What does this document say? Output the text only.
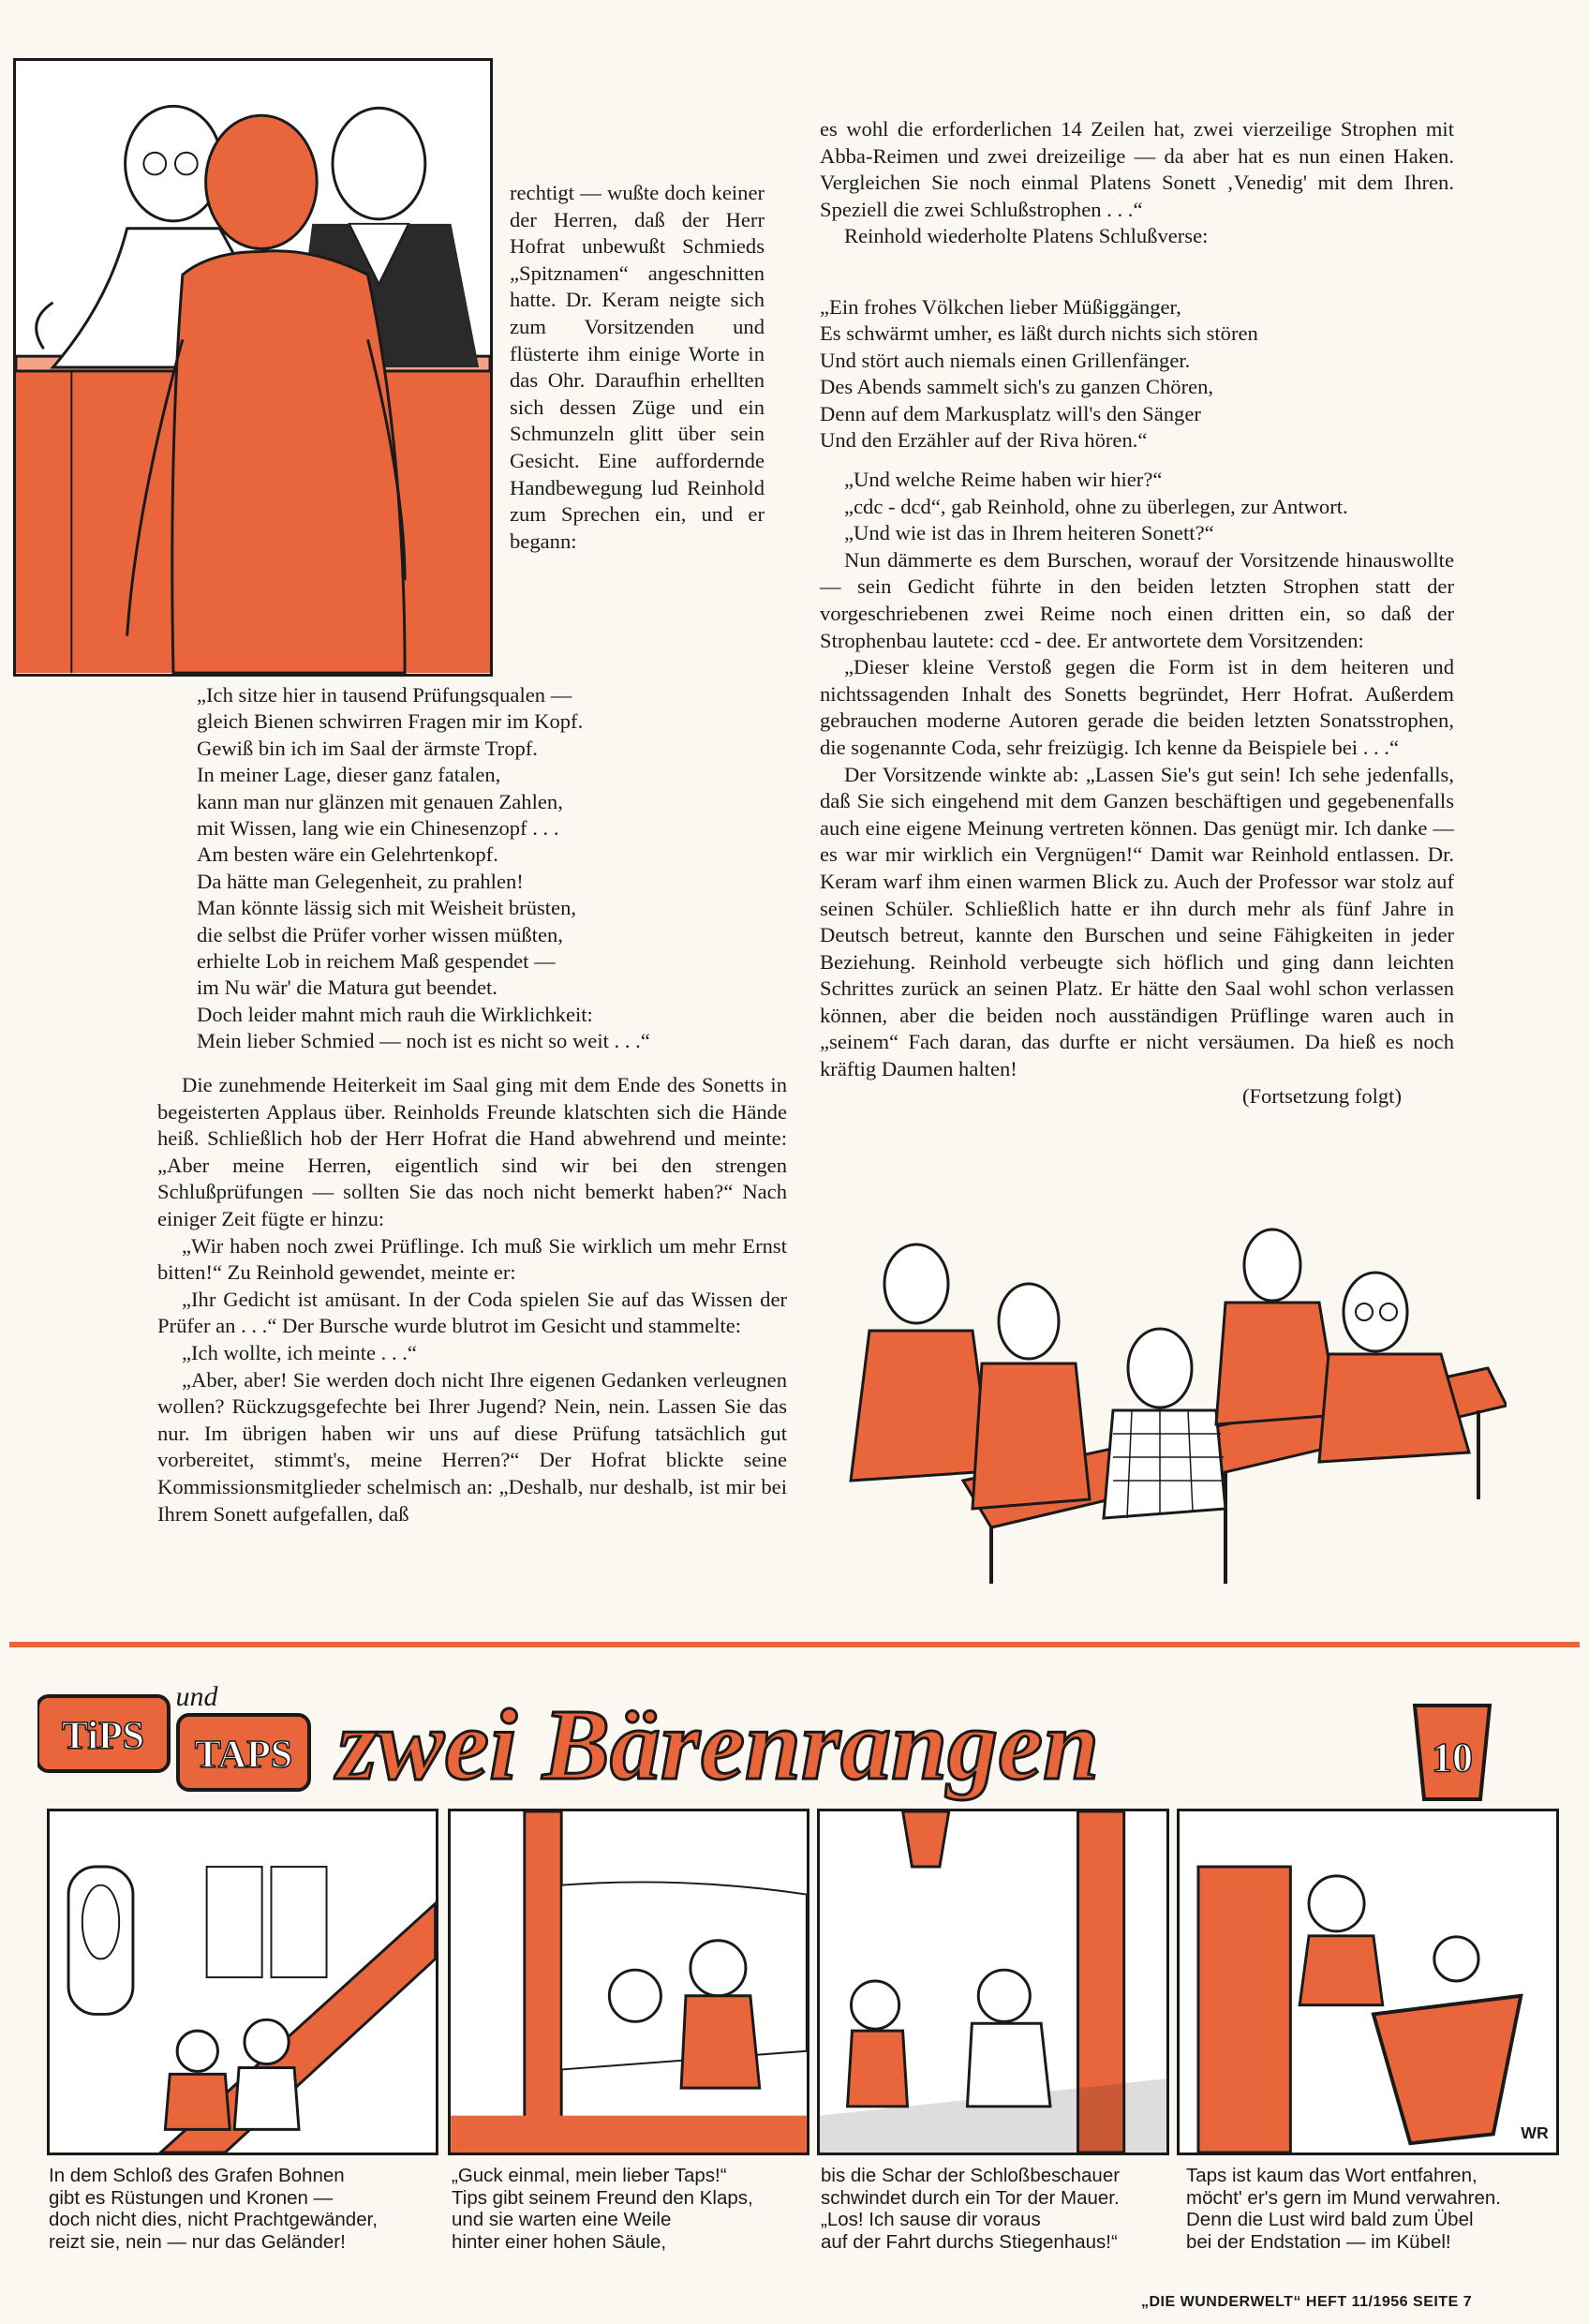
rechtigt — wußte doch keiner der Herren, daß der Herr Hofrat unbewußt Schmieds „Spitznamen“ angeschnitten hatte. Dr. Keram neigte sich zum Vorsitzenden und flüsterte ihm einige Worte in das Ohr. Daraufhin erhellten sich dessen Züge und ein Schmunzeln glitt über sein Gesicht. Eine auffordernde Handbewegung lud Reinhold zum Sprechen ein, und er begann:

„Ich sitze hier in tausend Prüfungsqualen —
gleich Bienen schwirren Fragen mir im Kopf.
Gewiß bin ich im Saal der ärmste Tropf.
In meiner Lage, dieser ganz fatalen,
kann man nur glänzen mit genauen Zahlen,
mit Wissen, lang wie ein Chinesenzopf . . .
Am besten wäre ein Gelehrtenkopf.
Da hätte man Gelegenheit, zu prahlen!
Man könnte lässig sich mit Weisheit brüsten,
die selbst die Prüfer vorher wissen müßten,
erhielte Lob in reichem Maß gespendet —
im Nu wär' die Matura gut beendet.
Doch leider mahnt mich rauh die Wirklichkeit:
Mein lieber Schmied — noch ist es nicht so weit . . .“

Die zunehmende Heiterkeit im Saal ging mit dem Ende des Sonetts in begeisterten Applaus über. Reinholds Freunde klatschten sich die Hände heiß. Schließlich hob der Herr Hofrat die Hand abwehrend und meinte: „Aber meine Herren, eigentlich sind wir bei den strengen Schlußprüfungen — sollten Sie das noch nicht bemerkt haben?“ Nach einiger Zeit fügte er hinzu:

„Wir haben noch zwei Prüflinge. Ich muß Sie wirklich um mehr Ernst bitten!“ Zu Reinhold gewendet, meinte er:

„Ihr Gedicht ist amüsant. In der Coda spielen Sie auf das Wissen der Prüfer an . . .“ Der Bursche wurde blutrot im Gesicht und stammelte:

„Ich wollte, ich meinte . . .“

„Aber, aber! Sie werden doch nicht Ihre eigenen Gedanken verleugnen wollen? Rückzugsgefechte bei Ihrer Jugend? Nein, nein. Lassen Sie das nur. Im übrigen haben wir uns auf diese Prüfung tatsächlich gut vorbereitet, stimmt's, meine Herren?“ Der Hofrat blickte seine Kommissionsmitglieder schelmisch an: „Deshalb, nur deshalb, ist mir bei Ihrem Sonett aufgefallen, daß

es wohl die erforderlichen 14 Zeilen hat, zwei vierzeilige Strophen mit Abba-Reimen und zwei dreizeilige — da aber hat es nun einen Haken. Vergleichen Sie noch einmal Platens Sonett ‚Venedig' mit dem Ihren. Speziell die zwei Schlußstrophen . . .“

Reinhold wiederholte Platens Schlußverse:

„Ein frohes Völkchen lieber Müßiggänger,
Es schwärmt umher, es läßt durch nichts sich stören
Und stört auch niemals einen Grillenfänger.
Des Abends sammelt sich's zu ganzen Chören,
Denn auf dem Markusplatz will's den Sänger
Und den Erzähler auf der Riva hören.“

„Und welche Reime haben wir hier?“

„cdc - dcd“, gab Reinhold, ohne zu überlegen, zur Antwort.

„Und wie ist das in Ihrem heiteren Sonett?“

Nun dämmerte es dem Burschen, worauf der Vorsitzende hinauswollte — sein Gedicht führte in den beiden letzten Strophen statt der vorgeschriebenen zwei Reime noch einen dritten ein, so daß der Strophenbau lautete: ccd - dee. Er antwortete dem Vorsitzenden:

„Dieser kleine Verstoß gegen die Form ist in dem heiteren und nichtssagenden Inhalt des Sonetts begründet, Herr Hofrat. Außerdem gebrauchen moderne Autoren gerade die beiden letzten Sonatsstrophen, die sogenannte Coda, sehr freizügig. Ich kenne da Beispiele bei . . .“

Der Vorsitzende winkte ab: „Lassen Sie's gut sein! Ich sehe jedenfalls, daß Sie sich eingehend mit dem Ganzen beschäftigen und gegebenenfalls auch eine eigene Meinung vertreten können. Das genügt mir. Ich danke — es war mir wirklich ein Vergnügen!“ Damit war Reinhold entlassen. Dr. Keram warf ihm einen warmen Blick zu. Auch der Professor war stolz auf seinen Schüler. Schließlich hatte er ihn durch mehr als fünf Jahre in Deutsch betreut, kannte den Burschen und seine Fähigkeiten in jeder Beziehung. Reinhold verbeugte sich höflich und ging dann leichten Schrittes zurück an seinen Platz. Er hätte den Saal wohl schon verlassen können, aber die beiden noch ausständigen Prüflinge waren auch in „seinem“ Fach daran, das durfte er nicht versäumen. Da hieß es noch kräftig Daumen halten!

(Fortsetzung folgt)

TiPS
und
TAPS zwei Bärenrangen	10
WR
In dem Schloß des Grafen Bohnen
gibt es Rüstungen und Kronen —
doch nicht dies, nicht Prachtgewänder,
reizt sie, nein — nur das Geländer!
„Guck einmal, mein lieber Taps!“
Tips gibt seinem Freund den Klaps,
und sie warten eine Weile
hinter einer hohen Säule,
bis die Schar der Schloßbeschauer
schwindet durch ein Tor der Mauer.
„Los! Ich sause dir voraus
auf der Fahrt durchs Stiegenhaus!“
Taps ist kaum das Wort entfahren,
möcht' er's gern im Mund verwahren.
Denn die Lust wird bald zum Übel
bei der Endstation — im Kübel!
„DIE WUNDERWELT“ HEFT 11/1956 SEITE 7
